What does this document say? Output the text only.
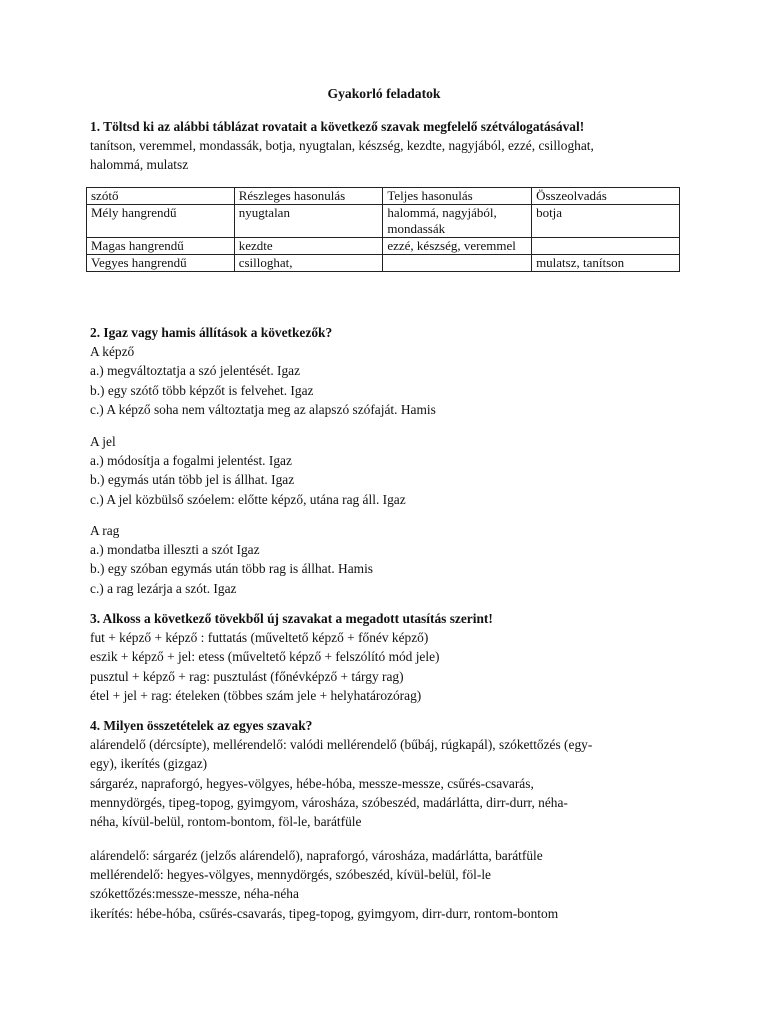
Gyakorló feladatok
1. Töltsd ki az alábbi táblázat rovatait a következő szavak megfelelő szétválogatásával!
tanítson, veremmel, mondassák, botja, nyugtalan, készség, kezdte, nagyjából, ezzé, csilloghat,
halommá, mulatsz
szótő	Részleges hasonulás	Teljes hasonulás	Összeolvadás
Mély hangrendű	nyugtalan	halommá, nagyjából, mondassák	botja
Magas hangrendű	kezdte	ezzé, készség, veremmel	
Vegyes hangrendű	csilloghat,		mulatsz, tanítson
2. Igaz vagy hamis állítások a következők?
A képző
a.) megváltoztatja a szó jelentését. Igaz
b.) egy szótő több képzőt is felvehet. Igaz
c.) A képző soha nem változtatja meg az alapszó szófaját. Hamis
A jel
a.) módosítja a fogalmi jelentést. Igaz
b.) egymás után több jel is állhat. Igaz
c.) A jel közbülső szóelem: előtte képző, utána rag áll. Igaz
A rag
a.) mondatba illeszti a szót Igaz
b.) egy szóban egymás után több rag is állhat. Hamis
c.) a rag lezárja a szót. Igaz
3. Alkoss a következő tövekből új szavakat a megadott utasítás szerint!
fut + képző + képző : futtatás (műveltető képző + főnév képző)
eszik + képző + jel: etess (műveltető képző + felszólító mód jele)
pusztul + képző + rag: pusztulást (főnévképző + tárgy rag)
étel + jel + rag: ételeken (többes szám jele + helyhatározórag)
4. Milyen összetételek az egyes szavak?
alárendelő (dércsípte), mellérendelő: valódi mellérendelő (bűbáj, rúgkapál), szókettőzés (egy-
egy), ikerítés (gizgaz)
sárgaréz, napraforgó, hegyes-völgyes, hébe-hóba, messze-messze, csűrés-csavarás,
mennydörgés, tipeg-topog, gyimgyom, városháza, szóbeszéd, madárlátta, dirr-durr, néha-
néha, kívül-belül, rontom-bontom, föl-le, barátfüle
alárendelő: sárgaréz (jelzős alárendelő), napraforgó, városháza, madárlátta, barátfüle
mellérendelő: hegyes-völgyes, mennydörgés, szóbeszéd, kívül-belül, föl-le
szókettőzés:messze-messze, néha-néha
ikerítés: hébe-hóba, csűrés-csavarás, tipeg-topog, gyimgyom, dirr-durr, rontom-bontom
